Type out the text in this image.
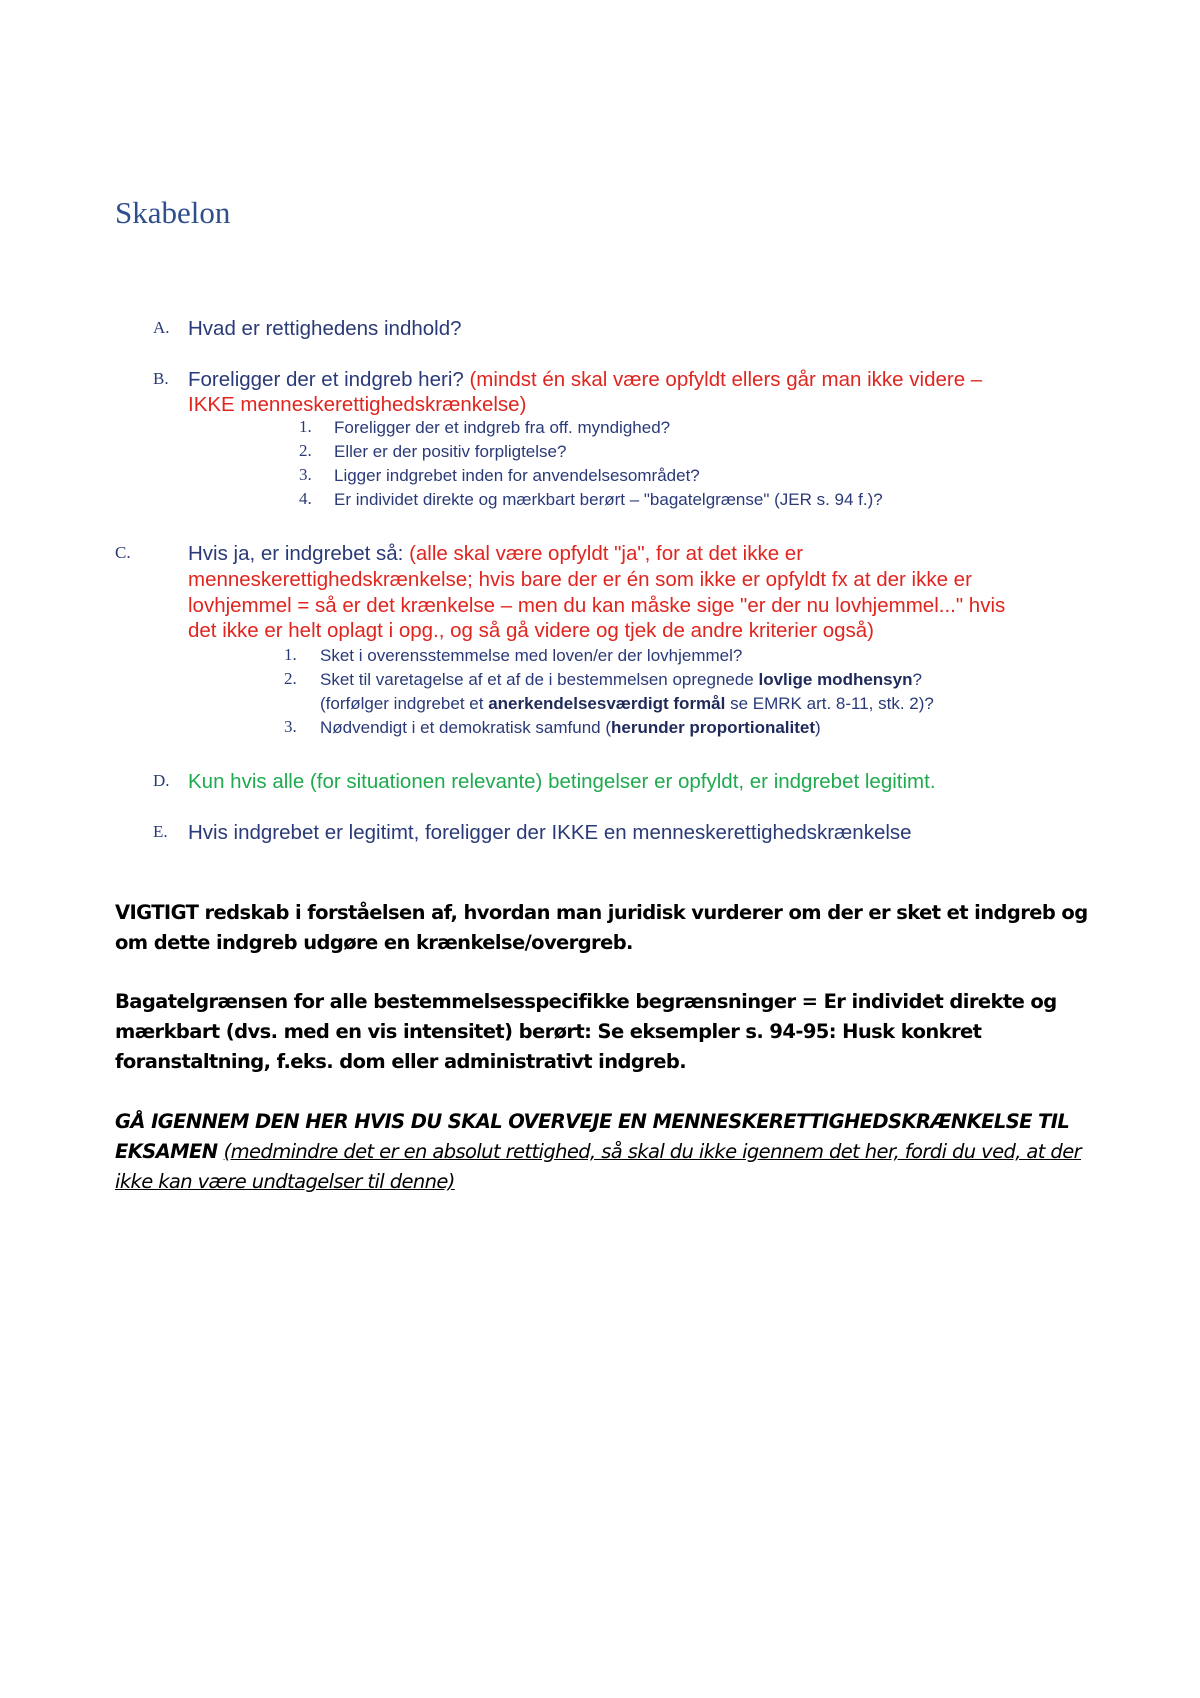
Skabelon
A. Hvad er rettighedens indhold?
B. Foreligger der et indgreb heri? (mindst én skal være opfyldt ellers går man ikke videre –
IKKE menneskerettighedskrænkelse)
1. Foreligger der et indgreb fra off. myndighed?
2. Eller er der positiv forpligtelse?
3. Ligger indgrebet inden for anvendelsesområdet?
4. Er individet direkte og mærkbart berørt – "bagatelgrænse" (JER s. 94 f.)?
C.	Hvis ja, er indgrebet så: (alle skal være opfyldt "ja", for at det ikke er
menneskerettighedskrænkelse; hvis bare der er én som ikke er opfyldt fx at der ikke er
lovhjemmel = så er det krænkelse – men du kan måske sige "er der nu lovhjemmel..." hvis
det ikke er helt oplagt i opg., og så gå videre og tjek de andre kriterier også)
1. Sket i overensstemmelse med loven/er der lovhjemmel?
2. Sket til varetagelse af et af de i bestemmelsen opregnede lovlige modhensyn?
(forfølger indgrebet et anerkendelsesværdigt formål se EMRK art. 8-11, stk. 2)?
3. Nødvendigt i et demokratisk samfund (herunder proportionalitet)
D. Kun hvis alle (for situationen relevante) betingelser er opfyldt, er indgrebet legitimt.
E. Hvis indgrebet er legitimt, foreligger der IKKE en menneskerettighedskrænkelse
VIGTIGT redskab i forståelsen af, hvordan man juridisk vurderer om der er sket et indgreb og om dette indgreb udgøre en krænkelse/overgreb.
Bagatelgrænsen for alle bestemmelsesspecifikke begrænsninger = Er individet direkte og mærkbart (dvs. med en vis intensitet) berørt: Se eksempler s. 94-95: Husk konkret foranstaltning, f.eks. dom eller administrativt indgreb.
GÅ IGENNEM DEN HER HVIS DU SKAL OVERVEJE EN MENNESKERETTIGHEDSKRÆNKELSE TIL EKSAMEN (medmindre det er en absolut rettighed, så skal du ikke igennem det her, fordi du ved, at der ikke kan være undtagelser til denne)
